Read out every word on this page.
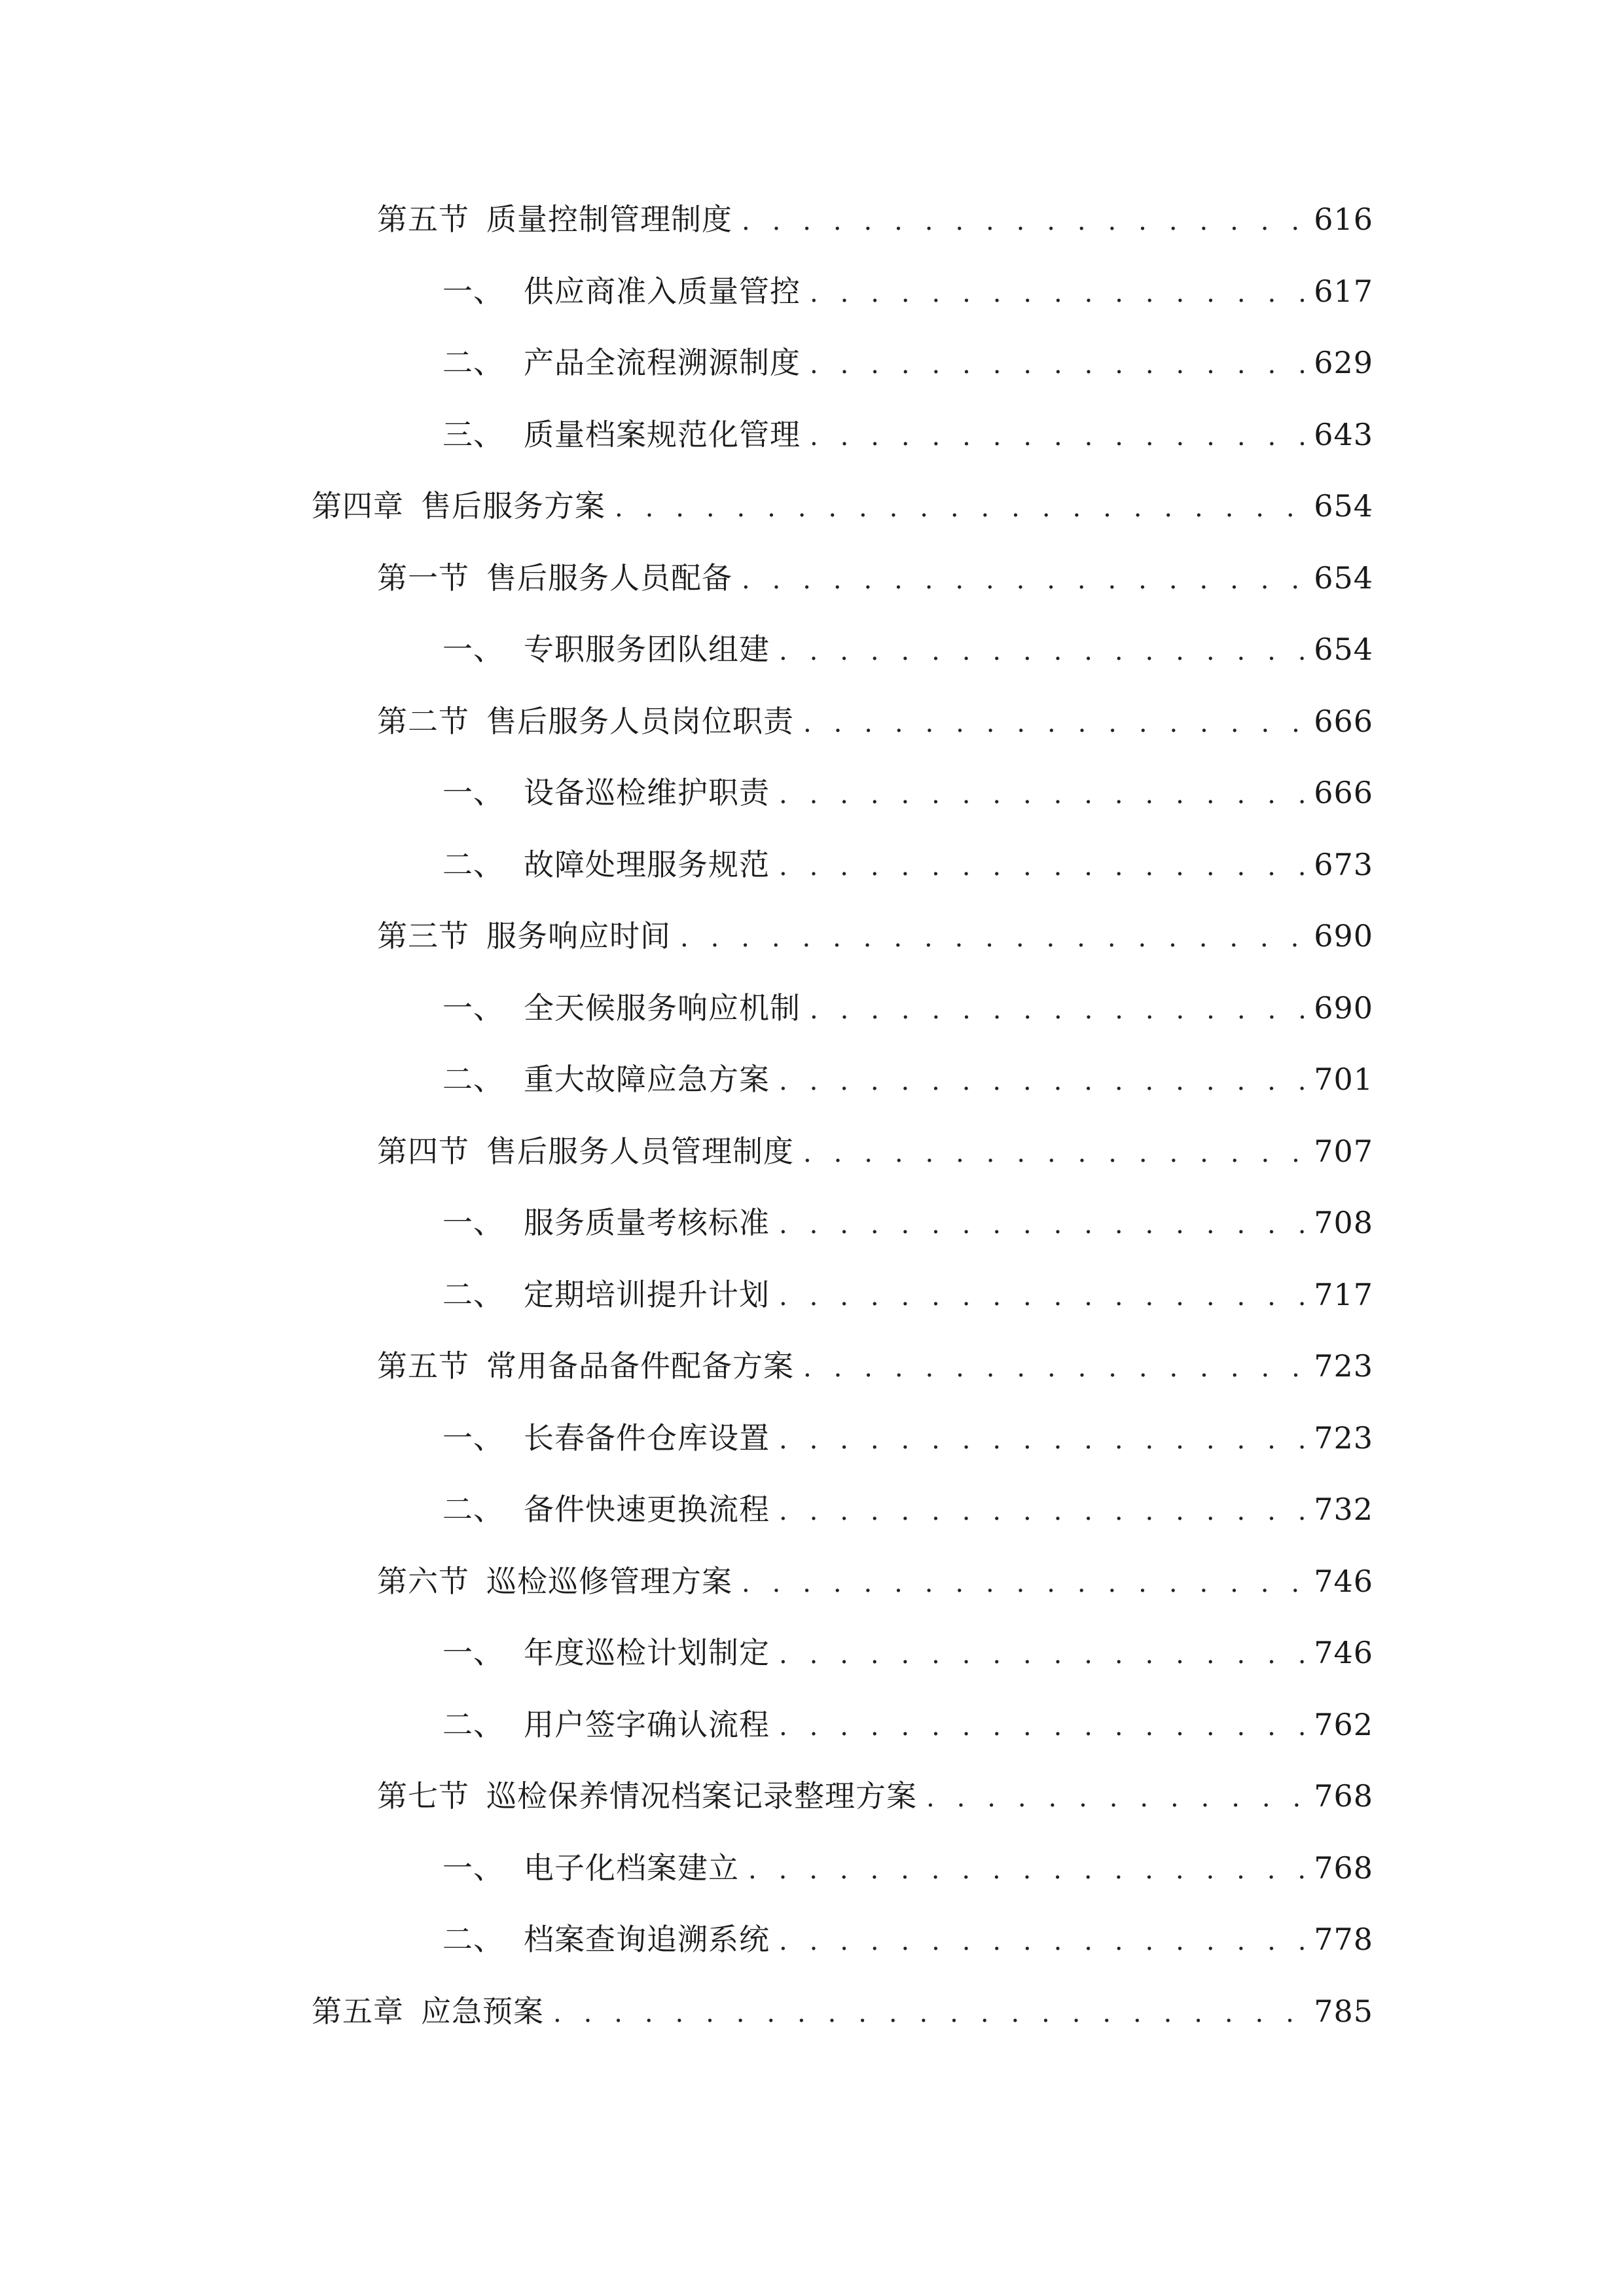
第五节 质量控制管理制度 . . .	616
一、 供应商准入质量管控 . . .	617
二、 产品全流程溯源制度 . . .	629
三、 质量档案规范化管理 . . .	643
第四章 售后服务方案 . . .	654
第一节 售后服务人员配备 . . .	654
一、 专职服务团队组建 . . .	654
第二节 售后服务人员岗位职责 . . .	666
一、 设备巡检维护职责 . . .	666
二、 故障处理服务规范 . . .	673
第三节 服务响应时间 . . .	690
一、 全天候服务响应机制 . . .	690
二、 重大故障应急方案 . . .	701
第四节 售后服务人员管理制度 . . .	707
一、 服务质量考核标准 . . .	708
二、 定期培训提升计划 . . .	717
第五节 常用备品备件配备方案 . . .	723
一、 长春备件仓库设置 . . .	723
二、 备件快速更换流程 . . .	732
第六节 巡检巡修管理方案 . . .	746
一、 年度巡检计划制定 . . .	746
二、 用户签字确认流程 . . .	762
第七节 巡检保养情况档案记录整理方案 . . .	768
一、 电子化档案建立 . . .	768
二、 档案查询追溯系统 . . .	778
第五章 应急预案 . . .	785
